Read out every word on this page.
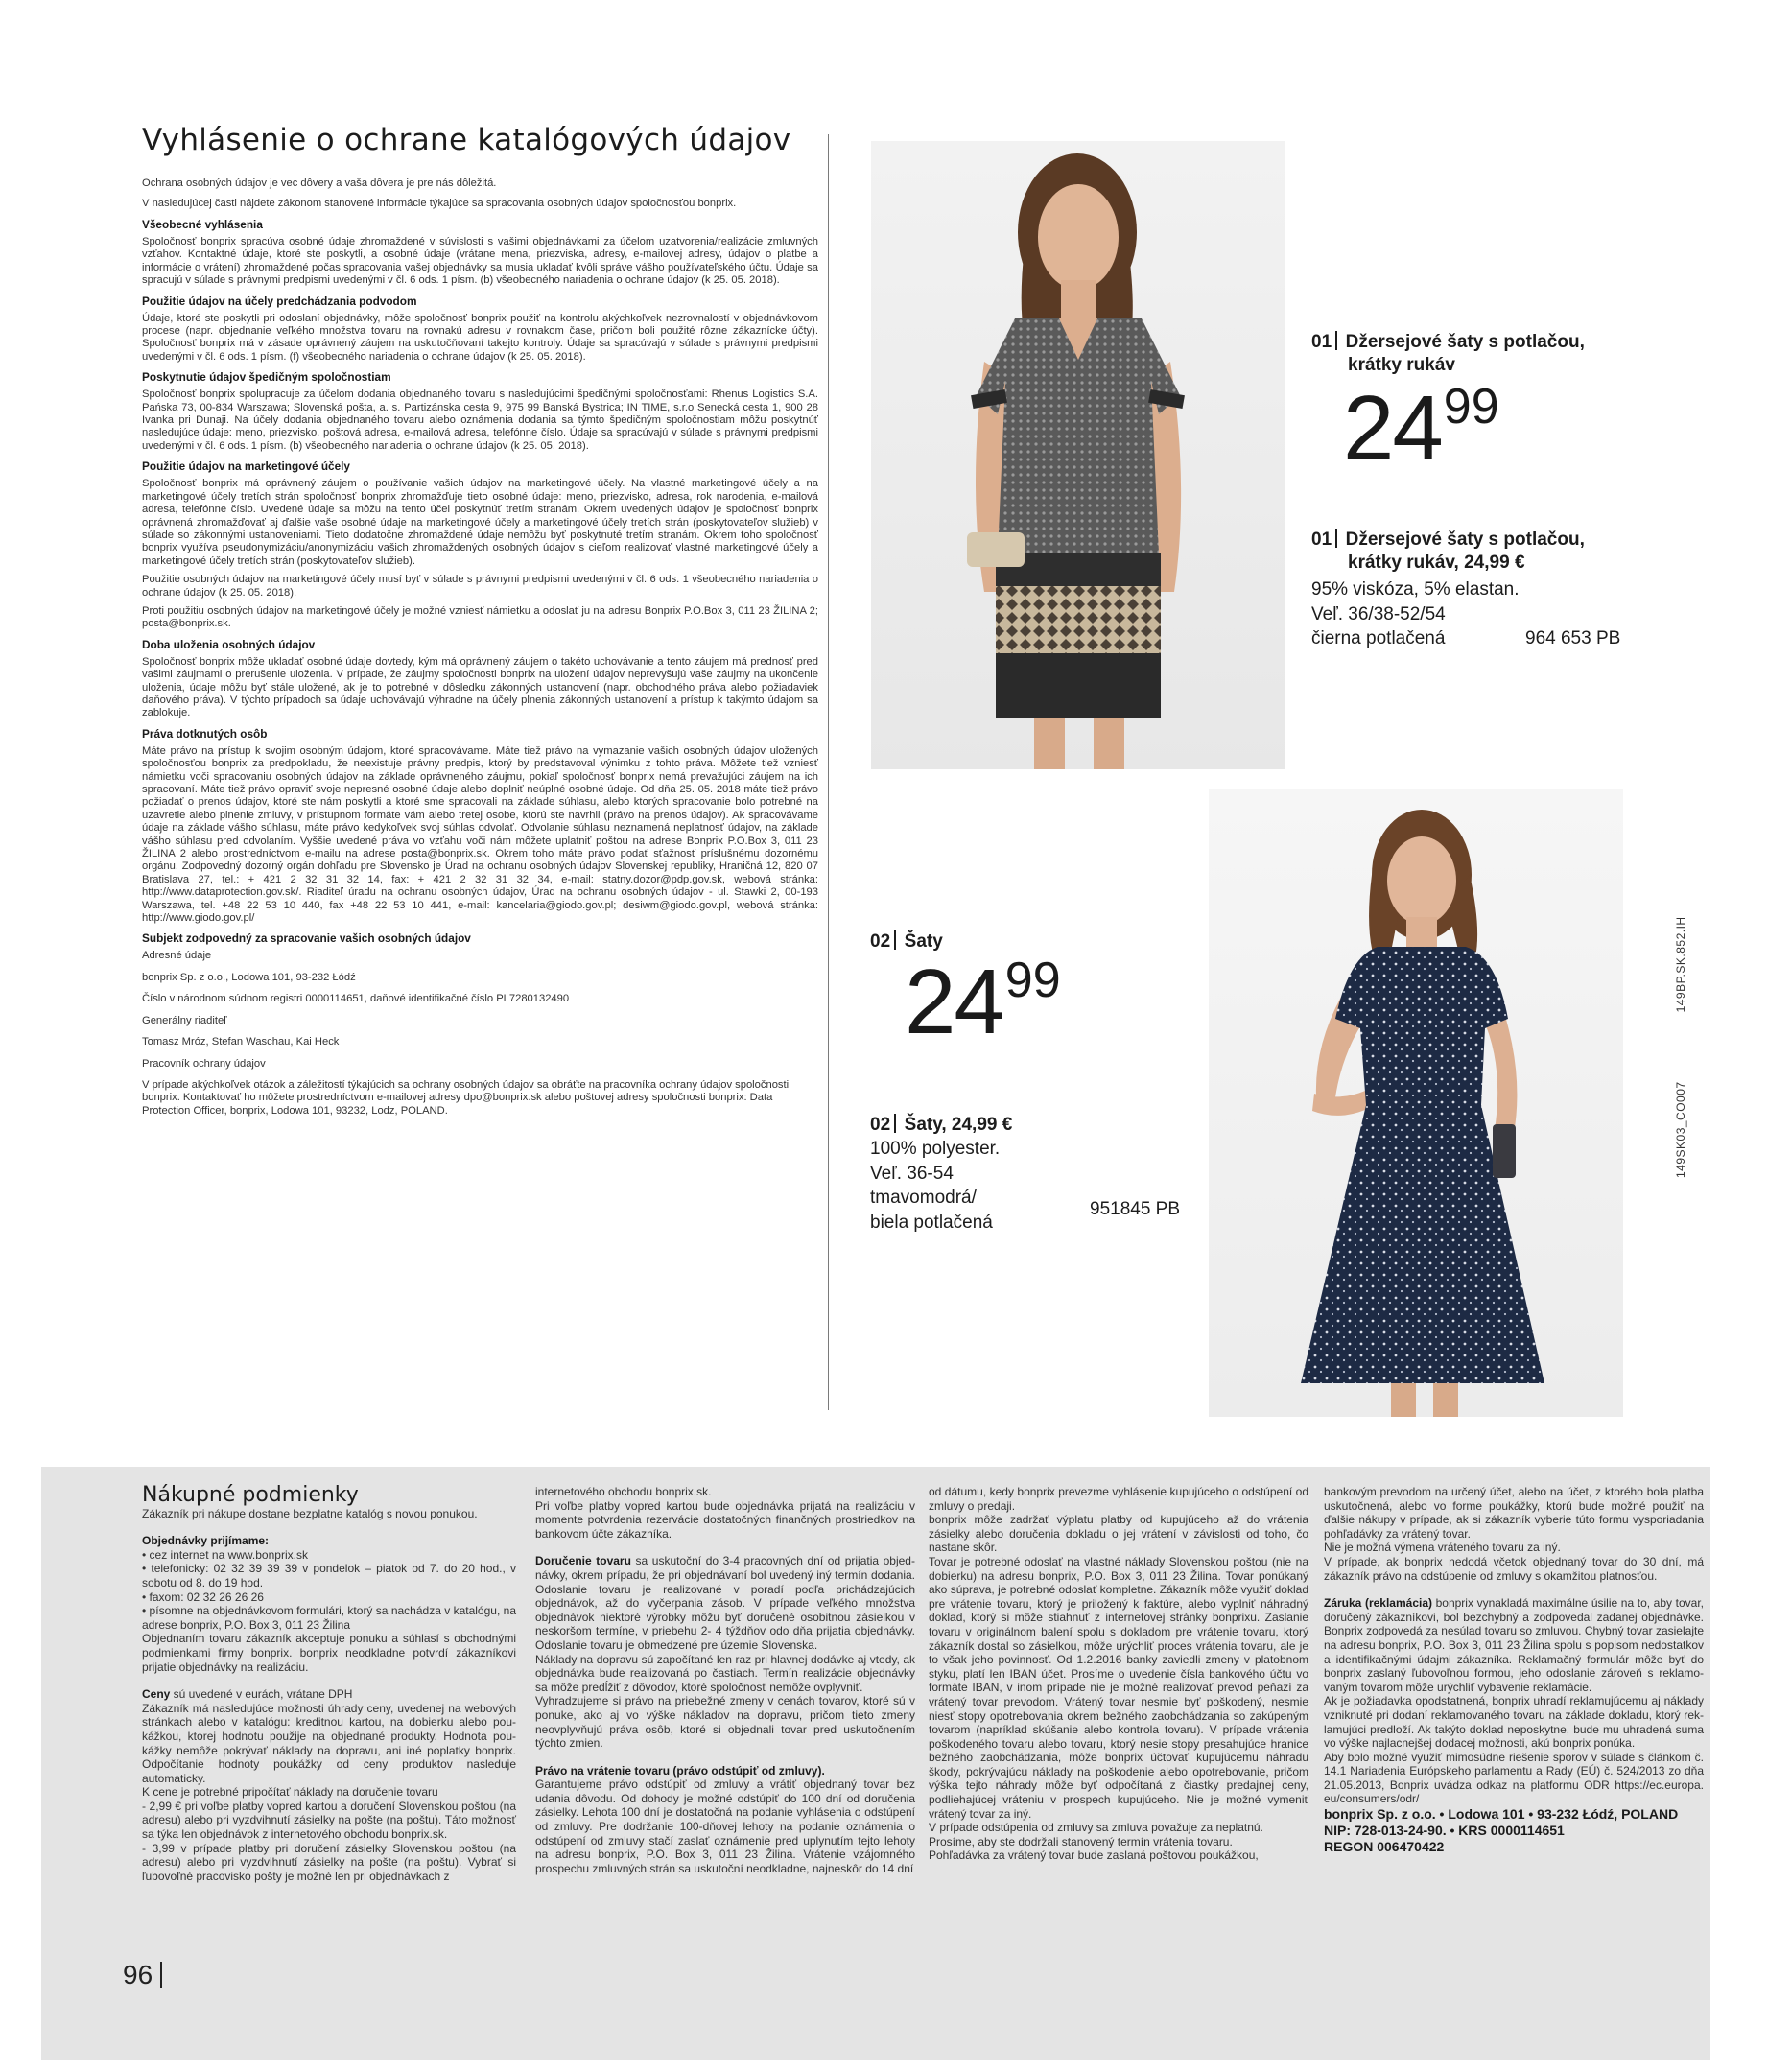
Vyhlásenie o ochrane katalógových údajov

Ochrana osobných údajov je vec dôvery a vaša dôvera je pre nás dôležitá.

V nasledujúcej časti nájdete zákonom stanovené informácie týkajúce sa spracovania osobných údajov spoločnosťou bonprix.

Všeobecné vyhlásenia

Spoločnosť bonprix spracúva osobné údaje zhromaždené v súvislosti s vašimi objednávkami za účelom uzatvorenia/realizácie zmluvných vzťahov. Kontaktné údaje, ktoré ste poskytli, a osobné údaje (vrátane mena, priezviska, adresy, e-mailovej adresy, údajov o platbe a informácie o vrátení) zhromaždené počas spracovania vašej objednávky sa musia ukladať kvôli správe vášho používateľského účtu. Údaje sa spracujú v súlade s právnymi predpismi uvedenými v čl. 6 ods. 1 písm. (b) všeobecného nariadenia o ochrane údajov (k 25. 05. 2018).

Použitie údajov na účely predchádzania podvodom

Údaje, ktoré ste poskytli pri odoslaní objednávky, môže spoločnosť bonprix použiť na kontrolu akýchkoľvek nezrovnalostí v objednávkovom procese (napr. objednanie veľkého množstva tovaru na rovnakú adresu v rovnakom čase, pričom boli použité rôzne zákaznícke účty). Spoločnosť bonprix má v zásade oprávnený záujem na uskutočňovaní takejto kontroly. Údaje sa spracúvajú v súlade s právnymi predpismi uvedenými v čl. 6 ods. 1 písm. (f) všeobecného nariadenia o ochrane údajov (k 25. 05. 2018).

Poskytnutie údajov špedičným spoločnostiam

Spoločnosť bonprix spolupracuje za účelom dodania objednaného tovaru s nasledujúcimi špedičnými spoločnosťami: Rhenus Logistics S.A. Pańska 73, 00-834 Warszawa; Slovenská pošta, a. s. Partizánska cesta 9, 975 99 Banská Bystrica; IN TIME, s.r.o Senecká cesta 1, 900 28 Ivanka pri Dunaji. Na účely dodania objednaného tovaru alebo oznámenia dodania sa týmto špedičným spoločnostiam môžu poskytnúť nasledujúce údaje: meno, priezvisko, poštová adresa, e-mailová adresa, telefónne číslo. Údaje sa spracúvajú v súlade s právnymi predpismi uvedenými v čl. 6 ods. 1 písm. (b) všeobecného nariadenia o ochrane údajov (k 25. 05. 2018).

Použitie údajov na marketingové účely

Spoločnosť bonprix má oprávnený záujem o používanie vašich údajov na marketingové účely. Na vlastné marketingové účely a na marketingové účely tretích strán spoločnosť bonprix zhromažďuje tieto osobné údaje: meno, priezvisko, adresa, rok narodenia, e-mailová adresa, telefónne číslo. Uvedené údaje sa môžu na tento účel poskytnúť tretím stranám. Okrem uvedených údajov je spoločnosť bonprix oprávnená zhromažďovať aj ďalšie vaše osobné údaje na marketingové účely a marketingové účely tretích strán (poskytovateľov služieb) v súlade so zákonnými ustanoveniami. Tieto dodatočne zhromaždené údaje nemôžu byť poskytnuté tretím stranám. Okrem toho spoločnosť bonprix využíva pseudonymizáciu/anonymizáciu vašich zhromaždených osobných údajov s cieľom realizovať vlastné marketingové účely a marketingové účely tretích strán (poskytovateľov služieb).

Použitie osobných údajov na marketingové účely musí byť v súlade s právnymi predpismi uvedenými v čl. 6 ods. 1 všeobecného nariadenia o ochrane údajov (k 25. 05. 2018).

Proti použitiu osobných údajov na marketingové účely je možné vzniesť námietku a odoslať ju na adresu Bonprix P.O.Box 3, 011 23 ŽILINA 2; posta@bonprix.sk.

Doba uloženia osobných údajov

Spoločnosť bonprix môže ukladať osobné údaje dovtedy, kým má oprávnený záujem o takéto uchovávanie a tento záujem má prednosť pred vašimi záujmami o prerušenie uloženia. V prípade, že záujmy spoločnosti bonprix na uložení údajov neprevyšujú vaše záujmy na ukončenie uloženia, údaje môžu byť stále uložené, ak je to potrebné v dôsledku zákonných ustanovení (napr. obchodného práva alebo požiadaviek daňového práva). V týchto prípadoch sa údaje uchovávajú výhradne na účely plnenia zákonných ustanovení a prístup k takýmto údajom sa zablokuje.

Práva dotknutých osôb

Máte právo na prístup k svojim osobným údajom, ktoré spracovávame. Máte tiež právo na vymazanie vašich osobných údajov uložených spoločnosťou bonprix za predpokladu, že neexistuje právny predpis, ktorý by predstavoval výnimku z tohto práva. Môžete tiež vzniesť námietku voči spracovaniu osobných údajov na základe oprávneného záujmu, pokiaľ spoločnosť bonprix nemá prevažujúci záujem na ich spracovaní. Máte tiež právo opraviť svoje nepresné osobné údaje alebo doplniť neúplné osobné údaje. Od dňa 25. 05. 2018 máte tiež právo požiadať o prenos údajov, ktoré ste nám poskytli a ktoré sme spracovali na základe súhlasu, alebo ktorých spracovanie bolo potrebné na uzavretie alebo plnenie zmluvy, v prístupnom formáte vám alebo tretej osobe, ktorú ste navrhli (právo na prenos údajov). Ak spracovávame údaje na základe vášho súhlasu, máte právo kedykoľvek svoj súhlas odvolať. Odvolanie súhlasu neznamená neplatnosť údajov, na základe vášho súhlasu pred odvolaním. Vyššie uvedené práva vo vzťahu voči nám môžete uplatniť poštou na adrese Bonprix P.O.Box 3, 011 23 ŽILINA 2 alebo prostredníctvom e-mailu na adrese posta@bonprix.sk. Okrem toho máte právo podať sťažnosť príslušnému dozornému orgánu. Zodpovedný dozorný orgán dohľadu pre Slovensko je Úrad na ochranu osobných údajov Slovenskej republiky, Hraničná 12, 820 07 Bratislava 27, tel.: + 421 2 32 31 32 14, fax: + 421 2 32 31 32 34, e-mail: statny.dozor@pdp.gov.sk, webová stránka: http://www.dataprotection.gov.sk/. Riaditeľ úradu na ochranu osobných údajov, Úrad na ochranu osobných údajov - ul. Stawki 2, 00-193 Warszawa, tel. +48 22 53 10 440, fax +48 22 53 10 441, e-mail: kancelaria@giodo.gov.pl; desiwm@giodo.gov.pl, webová stránka: http://www.giodo.gov.pl/

Subjekt zodpovedný za spracovanie vašich osobných údajov

Adresné údaje

bonprix Sp. z o.o., Lodowa 101, 93-232 Łódź

Číslo v národnom súdnom registri 0000114651, daňové identifikačné číslo PL7280132490

Generálny riaditeľ

Tomasz Mróz, Stefan Waschau, Kai Heck

Pracovník ochrany údajov

V prípade akýchkoľvek otázok a záležitostí týkajúcich sa ochrany osobných údajov sa obráťte na pracovníka ochrany údajov spoločnosti bonprix. Kontaktovať ho môžete prostredníctvom e-mailovej adresy dpo@bonprix.sk alebo poštovej adresy spoločnosti bonprix: Data Protection Officer, bonprix, Lodowa 101, 93232, Lodz, POLAND.

01 Džersejové šaty s potlačou,
krátky rukáv
2499
01 Džersejové šaty s potlačou,
krátky rukáv, 24,99 €
95% viskóza, 5% elastan.
Veľ. 36/38-52/54
čierna potlačená	964 653 PB
02 Šaty
2499
02 Šaty, 24,99 €
100% polyester.
Veľ. 36-54
tmavomodrá/
biela potlačená
951845 PB
149SK03_CO007149BP.SK.852.IH
Nákupné podmienky

Zákazník pri nákupe dostane bezplatne katalóg s novou ponukou.

Objednávky prijímame:

• cez internet na www.bonprix.sk

• telefonicky: 02 32 39 39 39 v pondelok – piatok od 7. do 20 hod., v sobotu od 8. do 19 hod.

• faxom: 02 32 26 26 26

• písomne na objednávkovom formulári, ktorý sa nachádza v katalógu, na adrese bonprix, P.O. Box 3, 011 23 Žilina

Objednaním tovaru zákazník akceptuje ponuku a súhlasí s obchodnými podmienkami firmy bonprix. bonprix neodkladne potvrdí zákazníkovi prijatie objednávky na realizáciu.

Ceny sú uvedené v eurách, vrátane DPH

Zákazník má nasledujúce možnosti úhrady ceny, uvedenej na webových stránkach alebo v katalógu: kreditnou kartou, na dobierku alebo pou-kážkou, ktorej hodnotu použije na objednané produkty. Hodnota pou-kážky nemôže pokrývať náklady na dopravu, ani iné poplatky bonprix. Odpočítanie hodnoty poukážky od ceny produktov nasleduje automaticky.

K cene je potrebné pripočítať náklady na doručenie tovaru

- 2,99 € pri voľbe platby vopred kartou a doručení Slovenskou poštou (na adresu) alebo pri vyzdvihnutí zásielky na pošte (na poštu). Táto možnosť sa týka len objednávok z internetového obchodu bonprix.sk.

- 3,99 v prípade platby pri doručení zásielky Slovenskou poštou (na adresu) alebo pri vyzdvihnutí zásielky na pošte (na poštu). Vybrať si ľubovoľné pracovisko pošty je možné len pri objednávkach z

internetového obchodu bonprix.sk.

Pri voľbe platby vopred kartou bude objednávka prijatá na realizáciu v momente potvrdenia rezervácie dostatočných finančných prostriedkov na bankovom účte zákazníka.

Doručenie tovaru sa uskutoční do 3-4 pracovných dní od prijatia objed-návky, okrem prípadu, že pri objednávaní bol uvedený iný termín dodania. Odoslanie tovaru je realizované v poradí podľa prichádzajúcich objednávok, až do vyčerpania zásob. V prípade veľkého množstva objednávok niektoré výrobky môžu byť doručené osobitnou zásielkou v neskoršom termíne, v priebehu 2- 4 týždňov odo dňa prijatia objednávky. Odoslanie tovaru je obmedzené pre územie Slovenska.

Náklady na dopravu sú započítané len raz pri hlavnej dodávke aj vtedy, ak objednávka bude realizovaná po častiach. Termín realizácie objednávky sa môže predĺžiť z dôvodov, ktoré spoločnosť nemôže ovplyvniť.

Vyhradzujeme si právo na priebežné zmeny v cenách tovarov, ktoré sú v ponuke, ako aj vo výške nákladov na dopravu, pričom tieto zmeny neovplyvňujú práva osôb, ktoré si objednali tovar pred uskutočnením týchto zmien.

Právo na vrátenie tovaru (právo odstúpiť od zmluvy).

Garantujeme právo odstúpiť od zmluvy a vrátiť objednaný tovar bez udania dôvodu. Od dohody je možné odstúpiť do 100 dní od doručenia zásielky. Lehota 100 dní je dostatočná na podanie vyhlásenia o odstúpení od zmluvy. Pre dodržanie 100-dňovej lehoty na podanie oznámenia o odstúpení od zmluvy stačí zaslať oznámenie pred uplynutím tejto lehoty na adresu bonprix, P.O. Box 3, 011 23 Žilina. Vrátenie vzájomného prospechu zmluvných strán sa uskutoční neodkladne, najneskôr do 14 dní

od dátumu, kedy bonprix prevezme vyhlásenie kupujúceho o odstúpení od zmluvy o predaji.

bonprix môže zadržať výplatu platby od kupujúceho až do vrátenia zásielky alebo doručenia dokladu o jej vrátení v závislosti od toho, čo nastane skôr.

Tovar je potrebné odoslať na vlastné náklady Slovenskou poštou (nie na dobierku) na adresu bonprix, P.O. Box 3, 011 23 Žilina. Tovar ponúkaný ako súprava, je potrebné odoslať kompletne. Zákazník môže využiť doklad pre vrátenie tovaru, ktorý je priložený k faktúre, alebo vyplniť náhradný doklad, ktorý si môže stiahnuť z internetovej stránky bonprixu. Zaslanie tovaru v originálnom balení spolu s dokladom pre vrátenie tovaru, ktorý zákazník dostal so zásielkou, môže urýchliť proces vrátenia tovaru, ale je to však jeho povinnosť. Od 1.2.2016 banky zaviedli zmeny v platobnom styku, platí len IBAN účet. Prosíme o uvedenie čísla bankového účtu vo formáte IBAN, v inom prípade nie je možné realizovať prevod peňazí za vrátený tovar prevodom. Vrátený tovar nesmie byť poškodený, nesmie niesť stopy opotrebovania okrem bežného zaobchádzania so zakúpeným tovarom (napríklad skúšanie alebo kontrola tovaru). V prípade vrátenia poškodeného tovaru alebo tovaru, ktorý nesie stopy presahujúce hranice bežného zaobchádzania, môže bonprix účtovať kupujúcemu náhradu škody, pokrývajúcu náklady na poškodenie alebo opotrebovanie, pričom výška tejto náhrady môže byť odpočítaná z čiastky predajnej ceny, podliehajúcej vráteniu v prospech kupujúceho. Nie je možné vymeniť vrátený tovar za iný.

V prípade odstúpenia od zmluvy sa zmluva považuje za neplatnú.

Prosíme, aby ste dodržali stanovený termín vrátenia tovaru.

Pohľadávka za vrátený tovar bude zaslaná poštovou poukážkou,

bankovým prevodom na určený účet, alebo na účet, z ktorého bola platba uskutočnená, alebo vo forme poukážky, ktorú bude možné použiť na ďalšie nákupy v prípade, ak si zákazník vyberie túto formu vysporiadania pohľadávky za vrátený tovar.

Nie je možná výmena vráteného tovaru za iný.

V prípade, ak bonprix nedodá včetok objednaný tovar do 30 dní, má zákazník právo na odstúpenie od zmluvy s okamžitou platnosťou.

Záruka (reklamácia) bonprix vynakladá maximálne úsilie na to, aby tovar, doručený zákazníkovi, bol bezchybný a zodpovedal zadanej objednávke. Bonprix zodpovedá za nesúlad tovaru so zmluvou. Chybný tovar zasielajte na adresu bonprix, P.O. Box 3, 011 23 Žilina spolu s popisom nedostatkov a identifikačnými údajmi zákazníka. Reklamačný formulár môže byť do bonprix zaslaný ľubovoľnou formou, jeho odoslanie zároveň s reklamo-vaným tovarom môže urýchliť vybavenie reklamácie.

Ak je požiadavka opodstatnená, bonprix uhradí reklamujúcemu aj náklady vzniknuté pri dodaní reklamovaného tovaru na základe dokladu, ktorý rek-lamujúci predloží. Ak takýto doklad neposkytne, bude mu uhradená suma vo výške najlacnejšej dodacej možnosti, akú bonprix ponúka.

Aby bolo možné využiť mimosúdne riešenie sporov v súlade s článkom č. 14.1 Nariadenia Európskeho parlamentu a Rady (EÚ) č. 524/2013 zo dňa 21.05.2013, Bonprix uvádza odkaz na platformu ODR https://ec.europa. eu/consumers/odr/

bonprix Sp. z o.o. • Lodowa 101 • 93-232 Łódź, POLAND

NIP: 728-013-24-90. • KRS 0000114651

REGON 006470422

96
